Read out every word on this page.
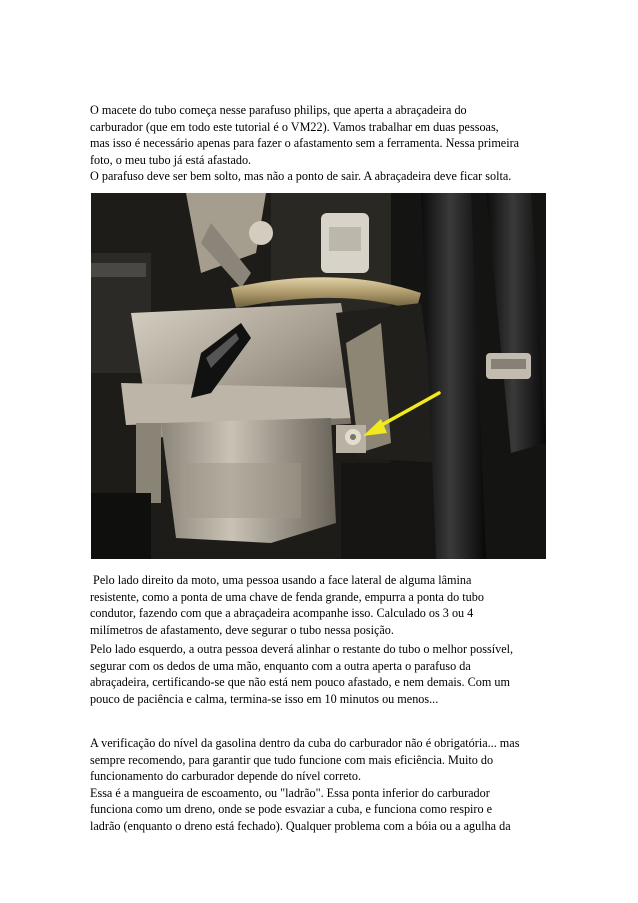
O macete do tubo começa nesse parafuso philips, que aperta a abraçadeira do
carburador (que em todo este tutorial é o VM22). Vamos trabalhar em duas pessoas,
mas isso é necessário apenas para fazer o afastamento sem a ferramenta. Nessa primeira
foto, o meu tubo já está afastado.
O parafuso deve ser bem solto, mas não a ponto de sair. A abraçadeira deve ficar solta.

Pelo lado direito da moto, uma pessoa usando a face lateral de alguma lâmina
resistente, como a ponta de uma chave de fenda grande, empurra a ponta do tubo
condutor, fazendo com que a abraçadeira acompanhe isso. Calculado os 3 ou 4
milímetros de afastamento, deve segurar o tubo nessa posição.

Pelo lado esquerdo, a outra pessoa deverá alinhar o restante do tubo o melhor possível,
segurar com os dedos de uma mão, enquanto com a outra aperta o parafuso da
abraçadeira, certificando-se que não está nem pouco afastado, e nem demais. Com um
pouco de paciência e calma, termina-se isso em 10 minutos ou menos...

A verificação do nível da gasolina dentro da cuba do carburador não é obrigatória... mas
sempre recomendo, para garantir que tudo funcione com mais eficiência. Muito do
funcionamento do carburador depende do nível correto.
Essa é a mangueira de escoamento, ou "ladrão". Essa ponta inferior do carburador
funciona como um dreno, onde se pode esvaziar a cuba, e funciona como respiro e
ladrão (enquanto o dreno está fechado). Qualquer problema com a bóia ou a agulha da
